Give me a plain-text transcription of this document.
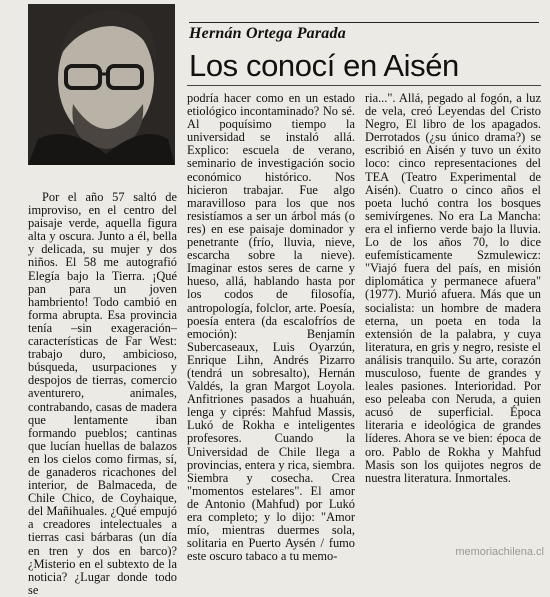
Hernán Ortega Parada
Los conocí en Aisén

Por el año 57 saltó de improviso, en el centro del paisaje verde, aquella figura alta y oscura. Junto a él, bella y delicada, su mujer y dos niños. El 58 me autografió Elegía bajo la Tierra. ¡Qué pan para un joven hambriento! Todo cambió en forma abrupta. Esa provincia tenía –sin exageración– características de Far West: trabajo duro, ambicioso, búsqueda, usurpaciones y despojos de tierras, comercio aventurero, animales, contrabando, casas de madera que lentamente iban formando pueblos; cantinas que lucían huellas de balazos en los cielos como firmas, sí, de ganaderos ricachones del interior, de Balmaceda, de Chile Chico, de Coyhaique, del Mañihuales. ¿Qué empujó a creadores intelectuales a tierras casi bárbaras (un día en tren y dos en barco)? ¿Misterio en el subtexto de la noticia? ¿Lugar donde todo se

podría hacer como en un estado etiológico incontaminado? No sé. Al poquísimo tiempo la universidad se instaló allá. Explico: escuela de verano, seminario de investigación socio económico histórico. Nos hicieron trabajar. Fue algo maravilloso para los que nos resistíamos a ser un árbol más (o res) en ese paisaje dominador y penetrante (frío, lluvia, nieve, escarcha sobre la nieve). Imaginar estos seres de carne y hueso, allá, hablando hasta por los codos de filosofía, antropología, folclor, arte. Poesía, poesía entera (da escalofríos de emoción): Benjamín Subercaseaux, Luis Oyarzún, Enrique Lihn, Andrés Pizarro (tendrá un sobresalto), Hernán Valdés, la gran Margot Loyola. Anfitriones pasados a huahuán, lenga y ciprés: Mahfud Massis, Lukó de Rokha e inteligentes profesores. Cuando la Universidad de Chile llega a provincias, entera y rica, siembra. Siembra y cosecha. Crea "momentos estelares". El amor de Antonio (Mahfud) por Lukó era completo; y lo dijo: "Amor mío, mientras duermes sola, solitaria en Puerto Aysén / fumo este oscuro tabaco a tu memo-

ria...". Allá, pegado al fogón, a luz de vela, creó Leyendas del Cristo Negro, El libro de los apagados. Derrotados (¿su único drama?) se escribió en Aisén y tuvo un éxito loco: cinco representaciones del TEA (Teatro Experimental de Aisén). Cuatro o cinco años el poeta luchó contra los bosques semivírgenes. No era La Mancha: era el infierno verde bajo la lluvia. Lo de los años 70, lo dice eufemísticamente Szmulewicz: "Viajó fuera del país, en misión diplomática y permanece afuera" (1977). Murió afuera. Más que un socialista: un hombre de madera eterna, un poeta en toda la extensión de la palabra, y cuya literatura, en gris y negro, resiste el análisis tranquilo. Su arte, corazón musculoso, fuente de grandes y leales pasiones. Interioridad. Por eso peleaba con Neruda, a quien acusó de superficial. Época literaria e ideológica de grandes líderes. Ahora se ve bien: época de oro. Pablo de Rokha y Mahfud Masis son los quijotes negros de nuestra literatura. Inmortales.

memoriachilena.cl
